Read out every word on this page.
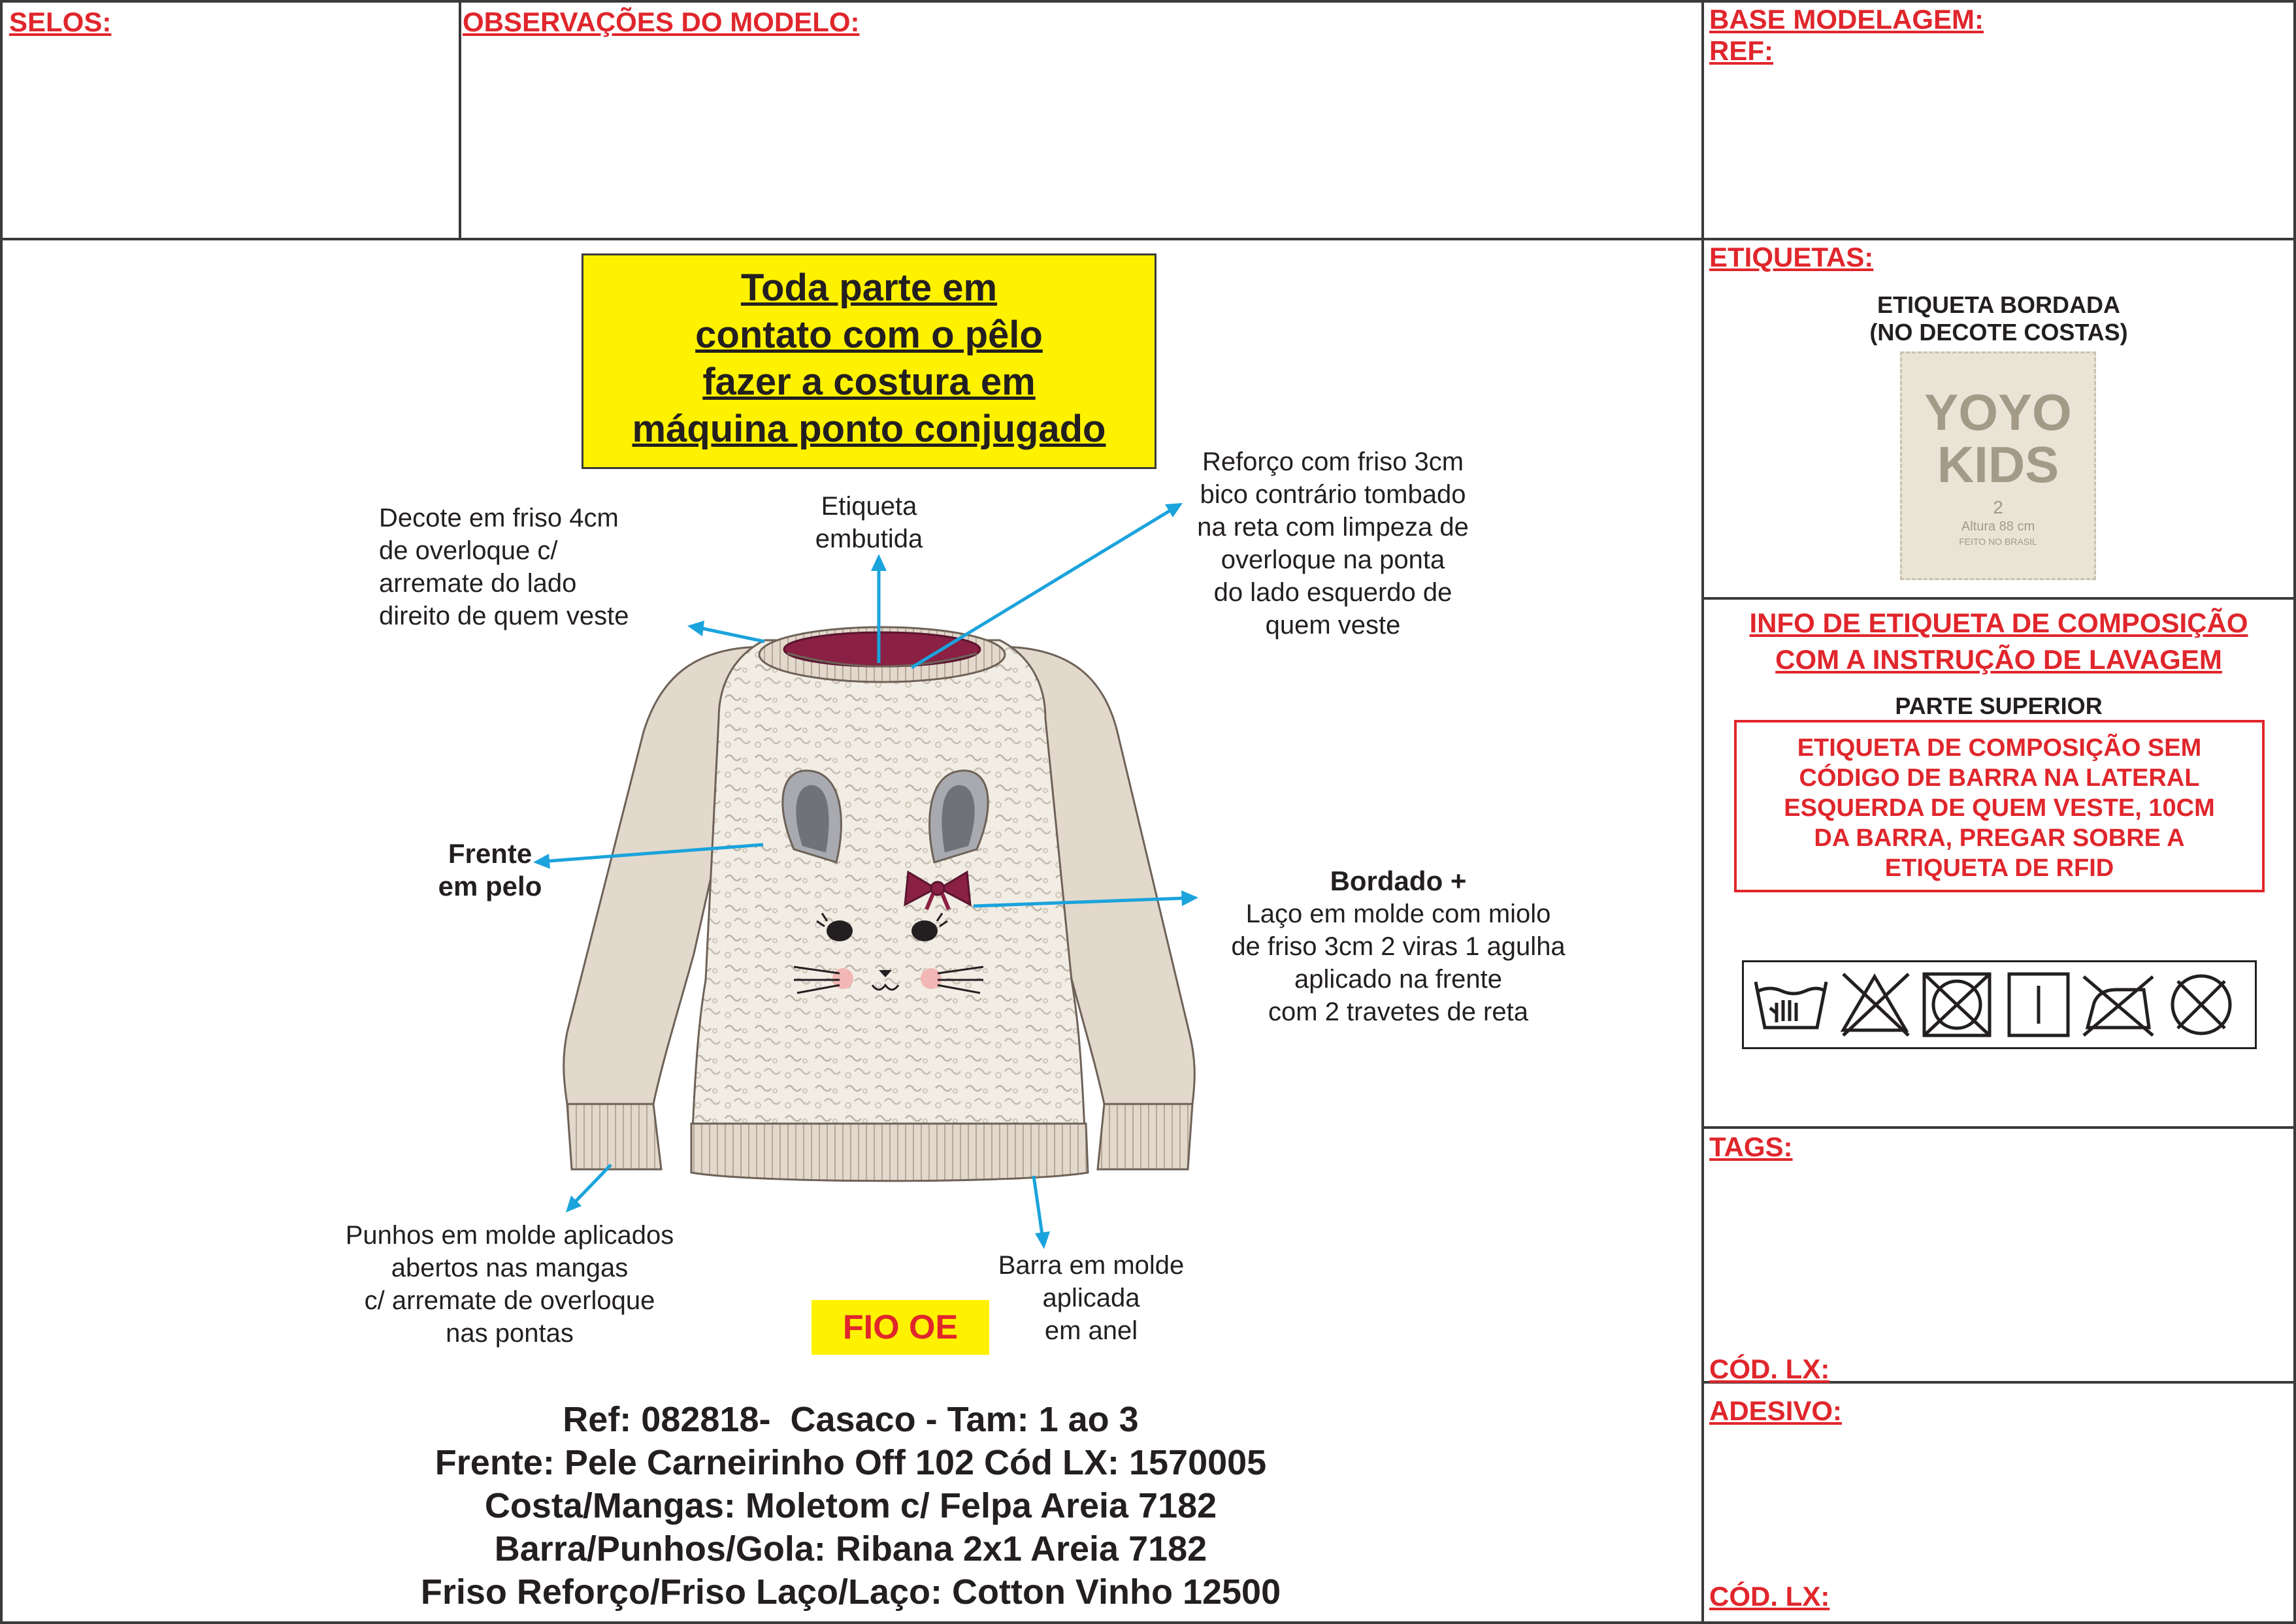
SELOS:	OBSERVAÇÕES DO MODELO:	BASE MODELAGEM:
REF:
ETIQUETAS:
INFO DE ETIQUETA DE COMPOSIÇÃO
COM A INSTRUÇÃO DE LAVAGEM
TAGS:
CÓD. LX:
ADESIVO:
CÓD. LX:
Toda parte em
contato com o pêlo
fazer a costura em
máquina ponto conjugado
Decote em friso 4cm
de overloque c/
arremate do lado
direito de quem veste
Etiqueta
embutida
Reforço com friso 3cm
bico contrário tombado
na reta com limpeza de
overloque na ponta
do lado esquerdo de
quem veste
Frente
em pelo	Bordado +
Laço em molde com miolo
de friso 3cm 2 viras 1 agulha
aplicado na frente
com 2 travetes de reta
Punhos em molde aplicados
abertos nas mangas
c/ arremate de overloque
nas pontas
Barra em molde
aplicada
em anel
FIO OE
Ref: 082818-  Casaco - Tam: 1 ao 3
Frente: Pele Carneirinho Off 102 Cód LX: 1570005
Costa/Mangas: Moletom c/ Felpa Areia 7182
Barra/Punhos/Gola: Ribana 2x1 Areia 7182
Friso Reforço/Friso Laço/Laço: Cotton Vinho 12500
ETIQUETA BORDADA
(NO DECOTE COSTAS)
YOYO
KIDS
2
Altura 88 cm
FEITO NO BRASIL
PARTE SUPERIOR
ETIQUETA DE COMPOSIÇÃO SEM
CÓDIGO DE BARRA NA LATERAL
ESQUERDA DE QUEM VESTE, 10CM
DA BARRA, PREGAR SOBRE A
ETIQUETA DE RFID
